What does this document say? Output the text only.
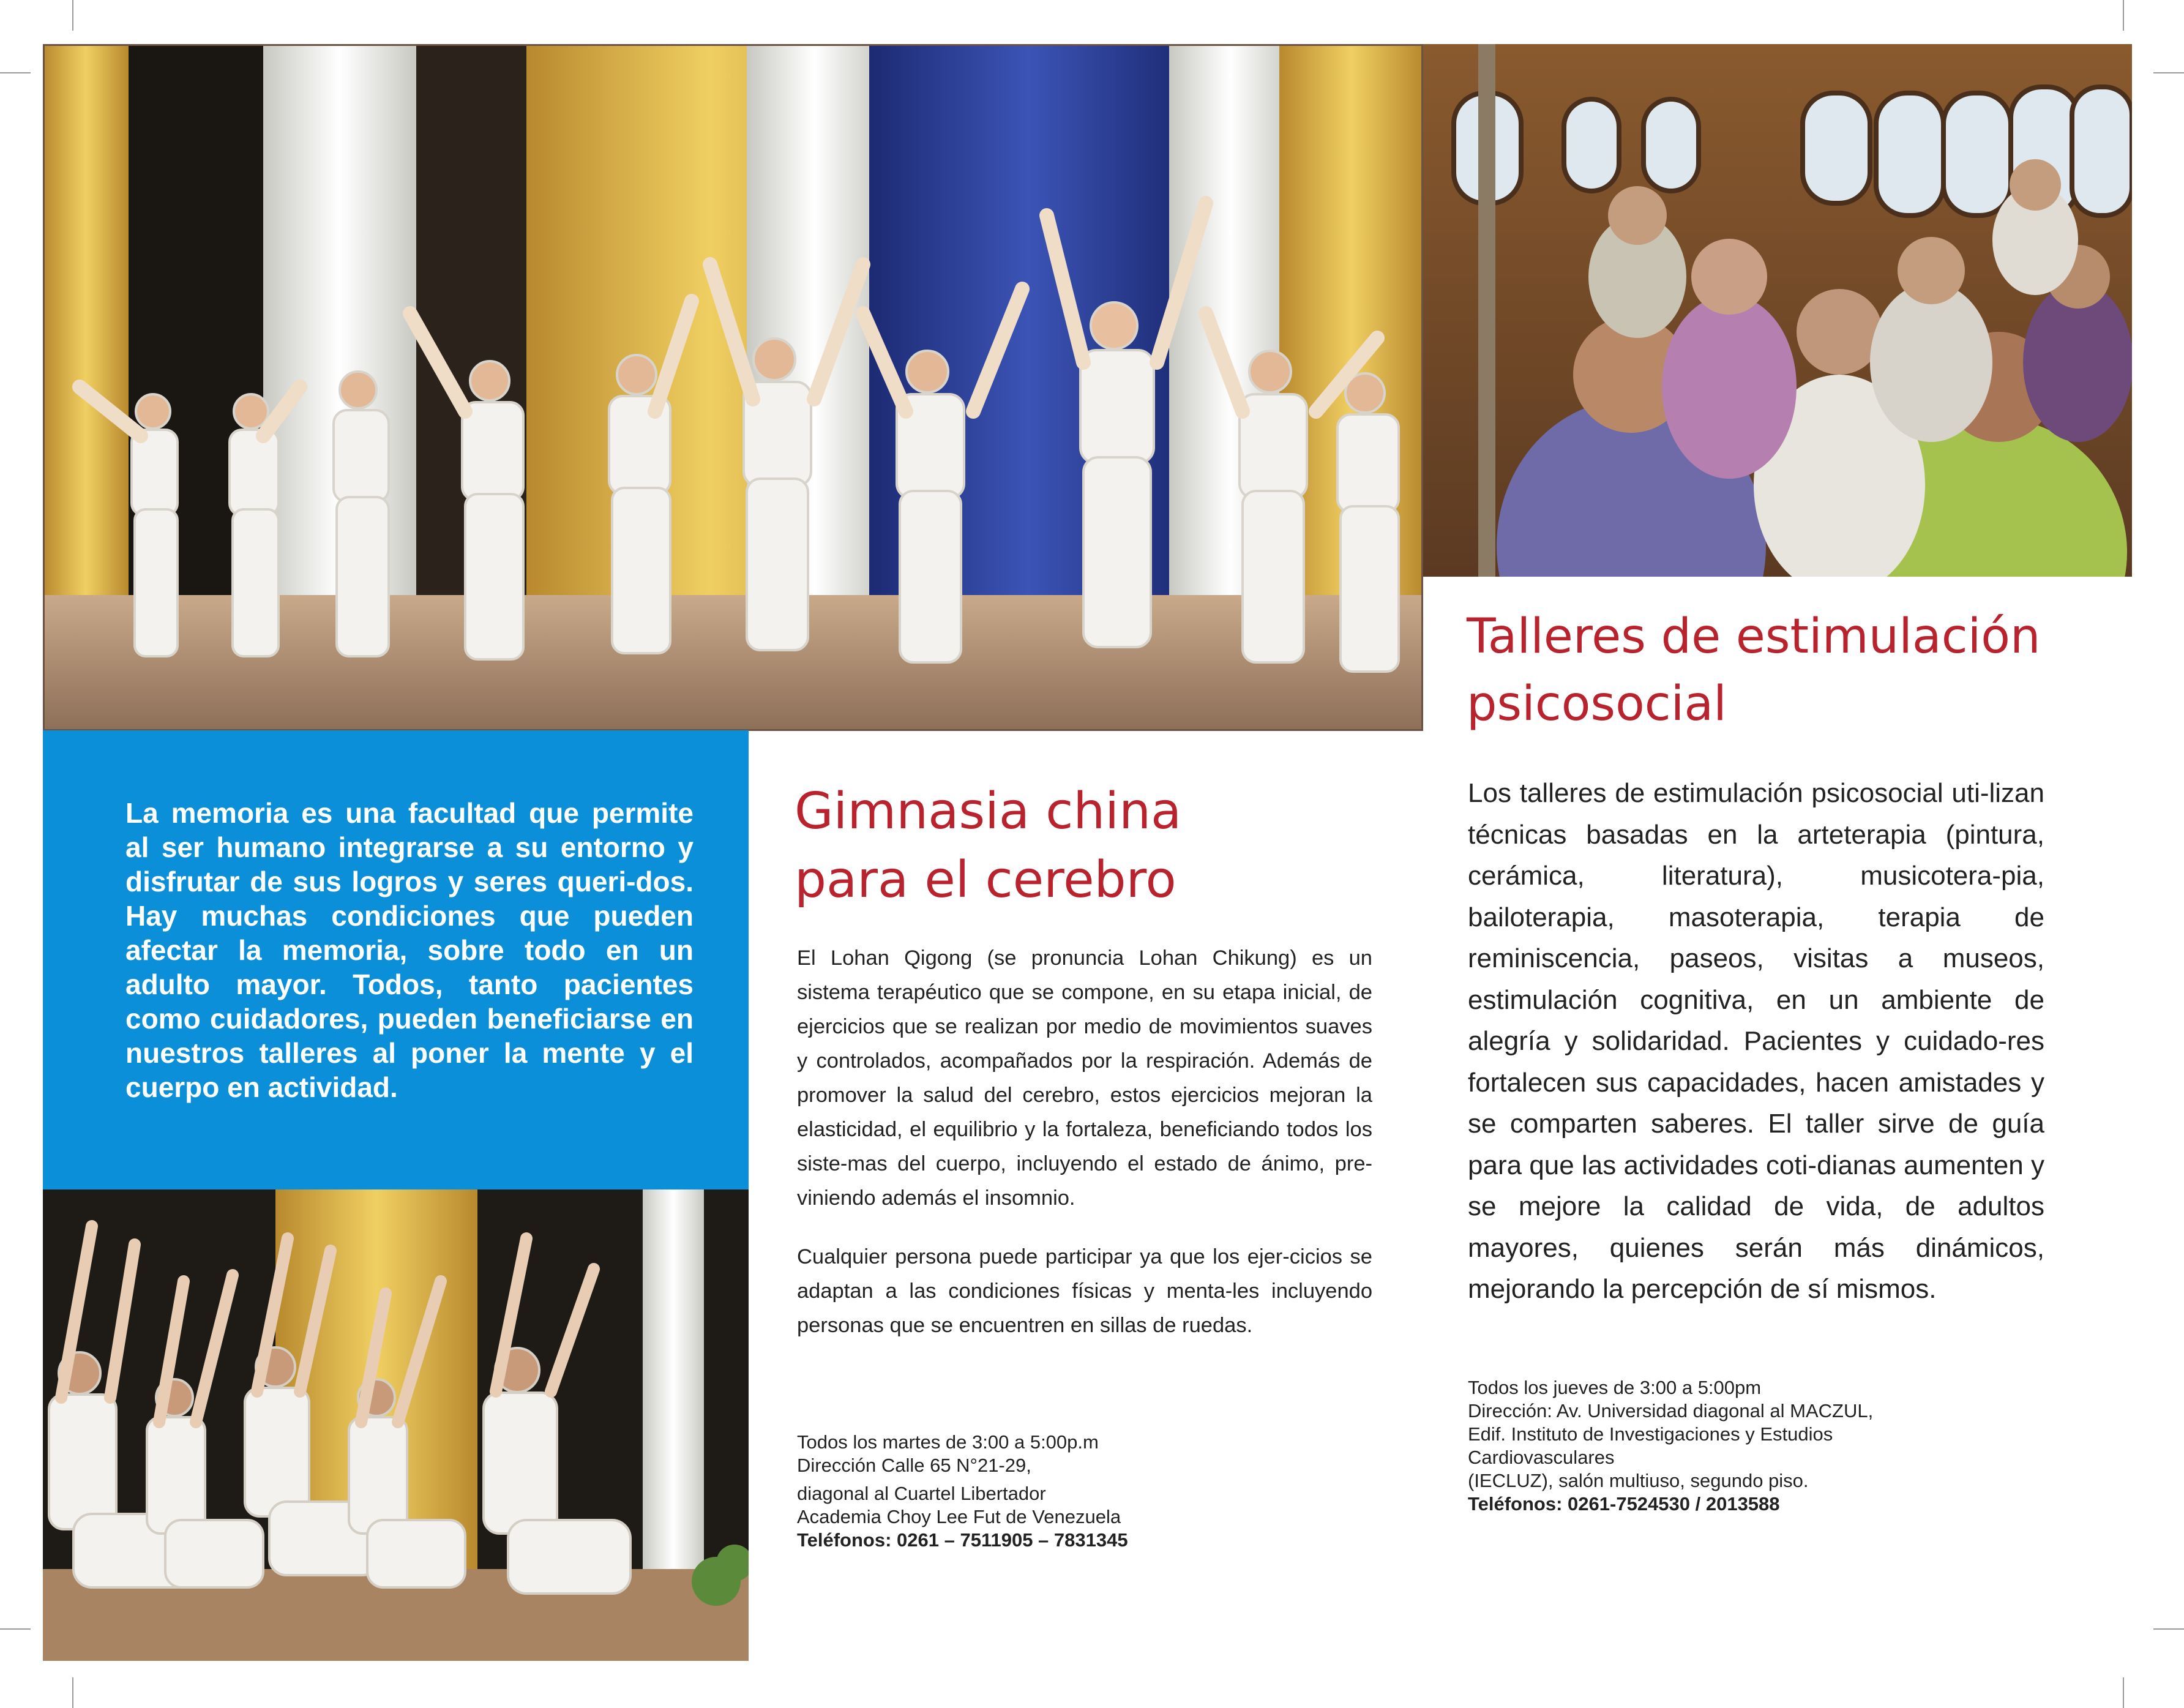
La memoria es una facultad que permite al ser humano integrarse a su entorno y disfrutar de sus logros y seres queri-dos. Hay muchas condiciones que pueden afectar la memoria, sobre todo en un adulto mayor. Todos, tanto pacientes como cuidadores, pueden beneficiarse en nuestros talleres al poner la mente y el cuerpo en actividad.

Gimnasia china
para el cerebro

El Lohan Qigong (se pronuncia Lohan Chikung) es un sistema terapéutico que se compone, en su etapa inicial, de ejercicios que se realizan por medio de movimientos suaves y controlados, acompañados por la respiración. Además de promover la salud del cerebro, estos ejercicios mejoran la elasticidad, el equilibrio y la fortaleza, beneficiando todos los siste-mas del cuerpo, incluyendo el estado de ánimo, pre-viniendo además el insomnio.

Cualquier persona puede participar ya que los ejer-cicios se adaptan a las condiciones físicas y menta-les incluyendo personas que se encuentren en sillas de ruedas.

Todos los martes de 3:00 a 5:00p.m
Dirección Calle 65 N°21-29,
diagonal al Cuartel Libertador
Academia Choy Lee Fut de Venezuela
Teléfonos: 0261 – 7511905 – 7831345
Talleres de estimulación
psicosocial

Los talleres de estimulación psicosocial uti-lizan técnicas basadas en la arteterapia (pintura, cerámica, literatura), musicotera-pia, bailoterapia, masoterapia, terapia de reminiscencia, paseos, visitas a museos, estimulación cognitiva, en un ambiente de alegría y solidaridad. Pacientes y cuidado-res fortalecen sus capacidades, hacen amistades y se comparten saberes. El taller sirve de guía para que las actividades coti-dianas aumenten y se mejore la calidad de vida, de adultos mayores, quienes serán más dinámicos, mejorando la percepción de sí mismos.

Todos los jueves de 3:00 a 5:00pm
Dirección: Av. Universidad diagonal al MACZUL,
Edif. Instituto de Investigaciones y Estudios
Cardiovasculares
(IECLUZ), salón multiuso, segundo piso.
Teléfonos: 0261-7524530 / 2013588
